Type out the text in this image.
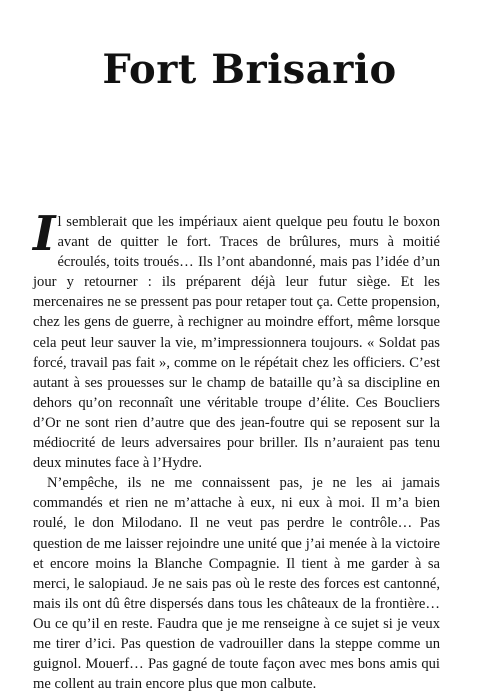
Fort Brisario

Il semblerait que les impériaux aient quelque peu foutu le boxon avant de quitter le fort. Traces de brûlures, murs à moitié écroulés, toits troués… Ils l’ont abandonné, mais pas l’idée d’un jour y retourner : ils préparent déjà leur futur siège. Et les mercenaires ne se pressent pas pour retaper tout ça. Cette propension, chez les gens de guerre, à rechigner au moindre effort, même lorsque cela peut leur sauver la vie, m’impressionnera toujours. « Soldat pas forcé, travail pas fait », comme on le répétait chez les officiers. C’est autant à ses prouesses sur le champ de bataille qu’à sa discipline en dehors qu’on reconnaît une véritable troupe d’élite. Ces Boucliers d’Or ne sont rien d’autre que des jean-foutre qui se reposent sur la médiocrité de leurs adversaires pour briller. Ils n’auraient pas tenu deux minutes face à l’Hydre.

N’empêche, ils ne me connaissent pas, je ne les ai jamais commandés et rien ne m’attache à eux, ni eux à moi. Il m’a bien roulé, le don Milodano. Il ne veut pas perdre le contrôle… Pas question de me laisser rejoindre une unité que j’ai menée à la victoire et encore moins la Blanche Compagnie. Il tient à me garder à sa merci, le salopiaud. Je ne sais pas où le reste des forces est cantonné, mais ils ont dû être dispersés dans tous les châteaux de la frontière… Ou ce qu’il en reste. Faudra que je me renseigne à ce sujet si je veux me tirer d’ici. Pas question de vadrouiller dans la steppe comme un guignol. Mouerf… Pas gagné de toute façon avec mes bons amis qui me collent au train encore plus que mon calbute.
